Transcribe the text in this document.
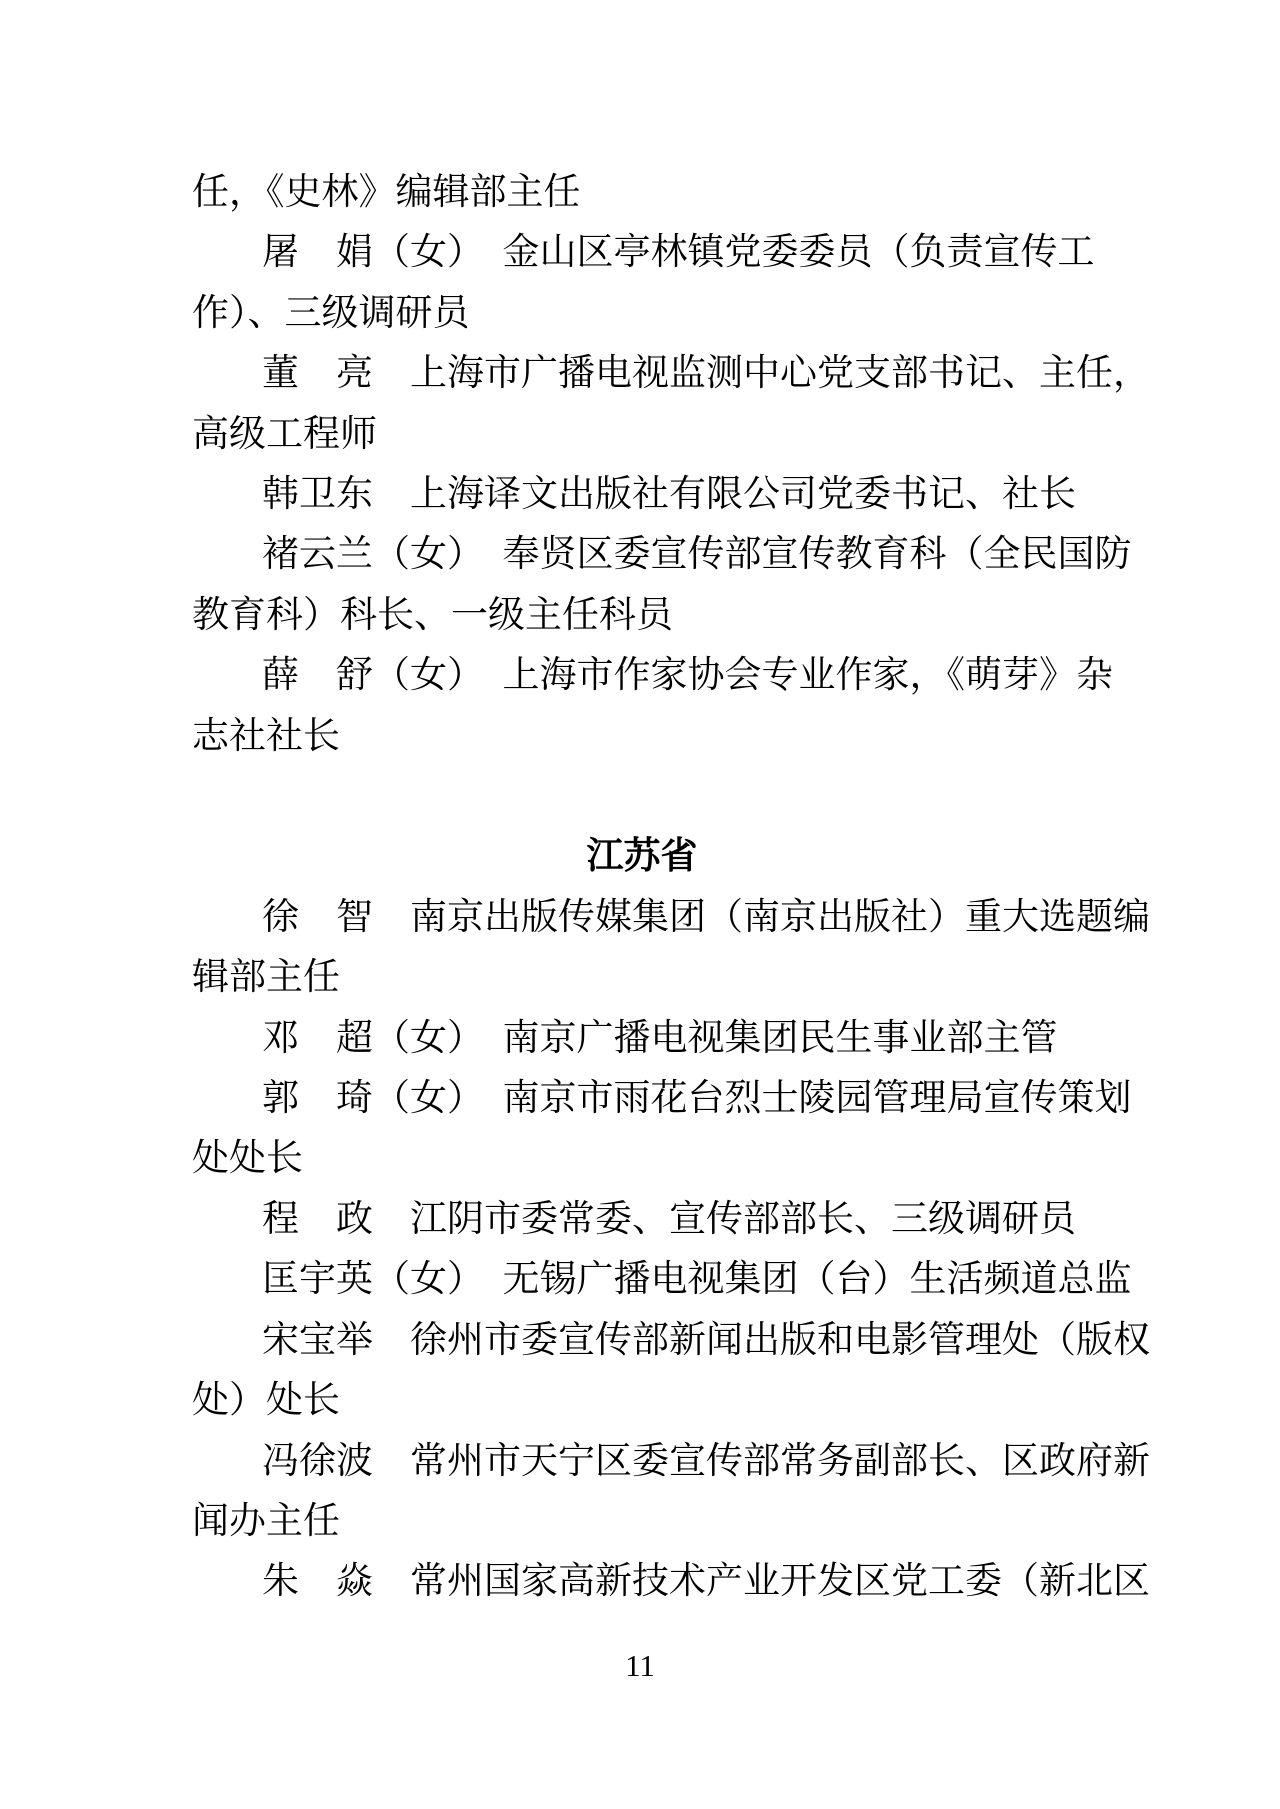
任，《史林》编辑部主任
屠　娟（女）　金山区亭林镇党委委员（负责宣传工
作）、三级调研员
董　亮　上海市广播电视监测中心党支部书记、主任，
高级工程师
韩卫东　上海译文出版社有限公司党委书记、社长
褚云兰（女）　奉贤区委宣传部宣传教育科（全民国防
教育科）科长、一级主任科员
薛　舒（女）　上海市作家协会专业作家，《萌芽》杂
志社社长
江苏省
徐　智　南京出版传媒集团（南京出版社）重大选题编
辑部主任
邓　超（女）　南京广播电视集团民生事业部主管
郭　琦（女）　南京市雨花台烈士陵园管理局宣传策划
处处长
程　政　江阴市委常委、宣传部部长、三级调研员
匡宇英（女）　无锡广播电视集团（台）生活频道总监
宋宝举　徐州市委宣传部新闻出版和电影管理处（版权
处）处长
冯徐波　常州市天宁区委宣传部常务副部长、区政府新
闻办主任
朱　焱　常州国家高新技术产业开发区党工委（新北区
11
